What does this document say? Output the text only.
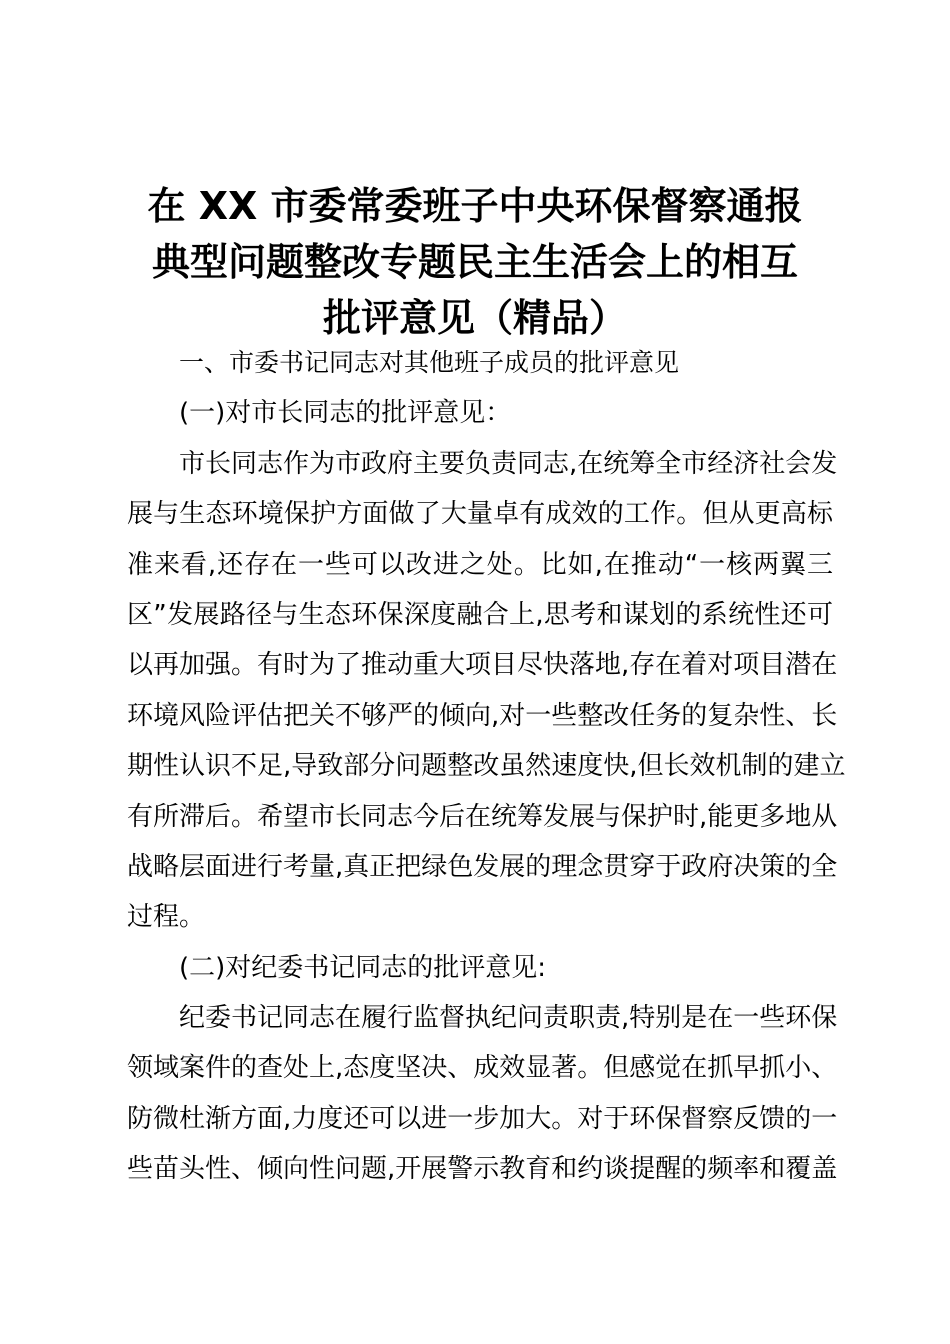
在 XX 市委常委班子中央环保督察通报
典型问题整改专题民主生活会上的相互
批评意见（精品）
一、市委书记同志对其他班子成员的批评意见
(一)对市长同志的批评意见：
市长同志作为市政府主要负责同志,在统筹全市经济社会发
展与生态环境保护方面做了大量卓有成效的工作。但从更高标
准来看,还存在一些可以改进之处。比如,在推动“一核两翼三
区”发展路径与生态环保深度融合上,思考和谋划的系统性还可
以再加强。有时为了推动重大项目尽快落地,存在着对项目潜在
环境风险评估把关不够严的倾向,对一些整改任务的复杂性、长
期性认识不足,导致部分问题整改虽然速度快,但长效机制的建立
有所滞后。希望市长同志今后在统筹发展与保护时,能更多地从
战略层面进行考量,真正把绿色发展的理念贯穿于政府决策的全
过程。
(二)对纪委书记同志的批评意见:
纪委书记同志在履行监督执纪问责职责,特别是在一些环保
领域案件的查处上,态度坚决、成效显著。但感觉在抓早抓小、
防微杜渐方面,力度还可以进一步加大。对于环保督察反馈的一
些苗头性、倾向性问题,开展警示教育和约谈提醒的频率和覆盖
